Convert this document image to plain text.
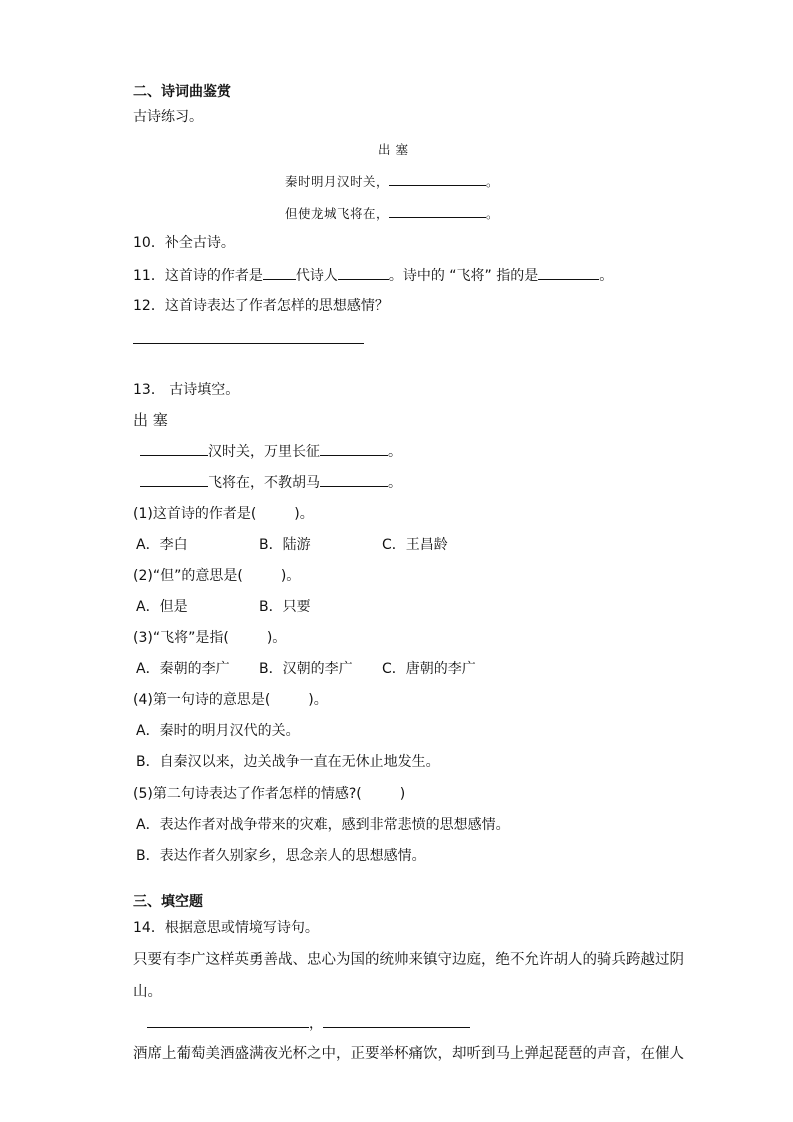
二、诗词曲鉴赏
古诗练习。
出 塞
秦时明月汉时关，	。
但使龙城飞将在，	。
10．补全古诗。
11．这首诗的作者是 代诗人	。诗中的 “飞将” 指的是	。
12．这首诗表达了作者怎样的思想感情？
13． 古诗填空。
出 塞
汉时关，万里长征	。
飞将在，不教胡马	。
(1)这首诗的作者是(	)。
A．李白	B．陆游	C．王昌龄
(2)“但”的意思是(	)。
A．但是	B．只要
(3)“飞将”是指(	)。
A．秦朝的李广 B．汉朝的李广 C．唐朝的李广
(4)第一句诗的意思是(	)。
A．秦时的明月汉代的关。
B．自秦汉以来，边关战争一直在无休止地发生。
(5)第二句诗表达了作者怎样的情感?(	)
A．表达作者对战争带来的灾难，感到非常悲愤的思想感情。
B．表达作者久别家乡，思念亲人的思想感情。
三、填空题
14．根据意思或情境写诗句。
只要有李广这样英勇善战、忠心为国的统帅来镇守边庭，绝不允许胡人的骑兵跨越过阴
山。
，
酒席上葡萄美酒盛满夜光杯之中，正要举杯痛饮，却听到马上弹起琵琶的声音，在催人
